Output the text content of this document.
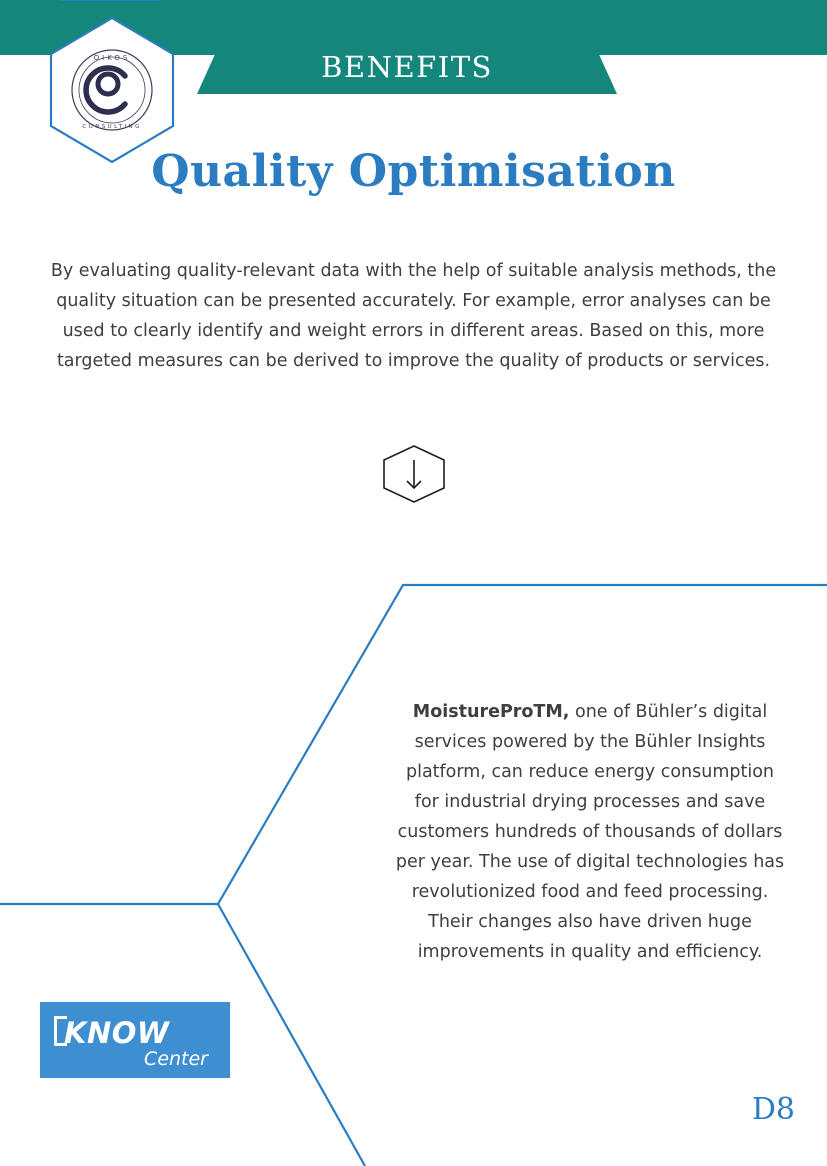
BENEFITS
OIKOS
CONSULTING
Quality Optimisation
By evaluating quality-relevant data with the help of suitable analysis methods, the quality situation can be presented accurately. For example, error analyses can be used to clearly identify and weight errors in different areas. Based on this, more targeted measures can be derived to improve the quality of products or services.
MoistureProTM, one of Bühler’s digital services powered by the Bühler Insights platform, can reduce energy consumption for industrial drying processes and save customers hundreds of thousands of dollars per year. The use of digital technologies has revolutionized food and feed processing. Their changes also have driven huge improvements in quality and efficiency.
KNOW
Center
D8
